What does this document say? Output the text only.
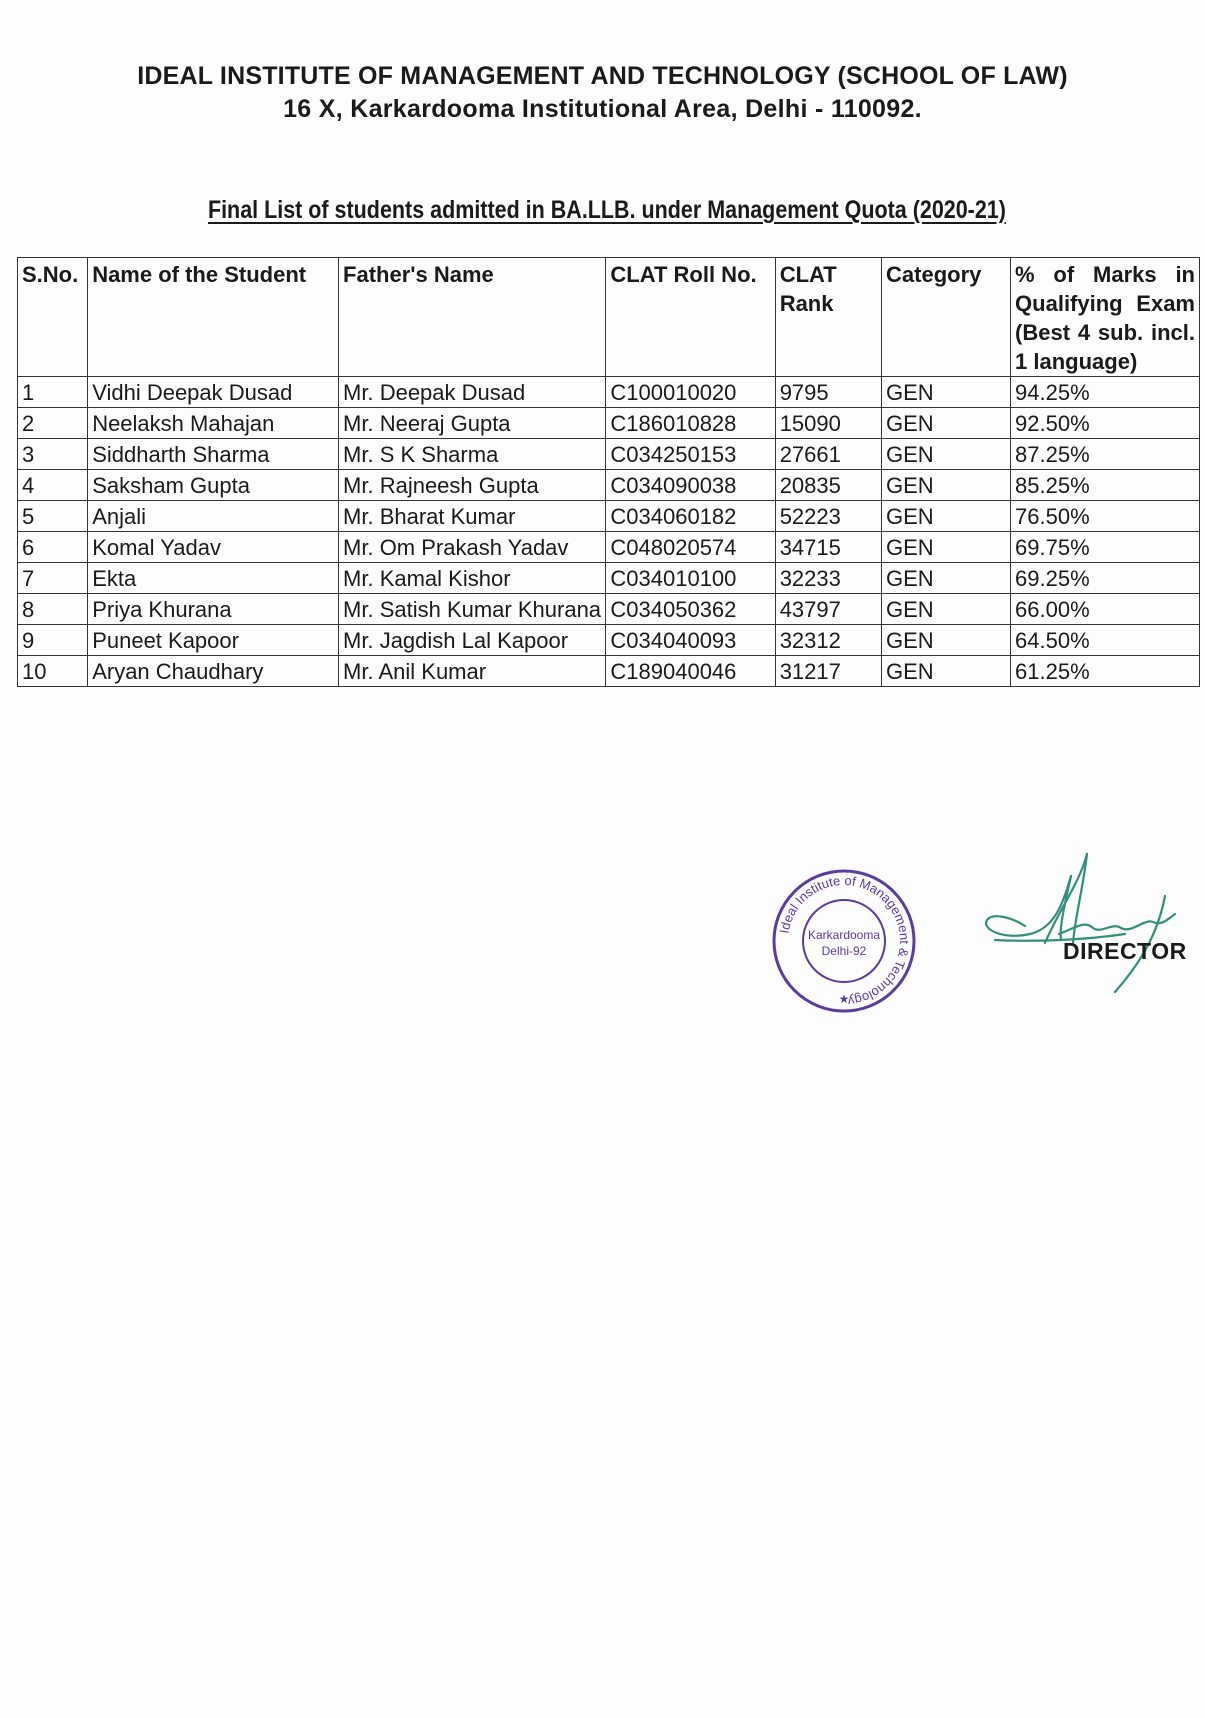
IDEAL INSTITUTE OF MANAGEMENT AND TECHNOLOGY (SCHOOL OF LAW)
16 X, Karkardooma Institutional Area, Delhi - 110092.
Final List of students admitted in BA.LLB. under Management Quota (2020-21)
S.No.	Name of the Student	Father's Name	CLAT Roll No.	CLAT Rank	Category	% of Marks in Qualifying Exam (Best 4 sub. incl. 1 language)
1	Vidhi Deepak Dusad	Mr. Deepak Dusad	C100010020	9795	GEN	94.25%
2	Neelaksh Mahajan	Mr. Neeraj Gupta	C186010828	15090	GEN	92.50%
3	Siddharth Sharma	Mr. S K Sharma	C034250153	27661	GEN	87.25%
4	Saksham Gupta	Mr. Rajneesh Gupta	C034090038	20835	GEN	85.25%
5	Anjali	Mr. Bharat Kumar	C034060182	52223	GEN	76.50%
6	Komal Yadav	Mr. Om Prakash Yadav	C048020574	34715	GEN	69.75%
7	Ekta	Mr. Kamal Kishor	C034010100	32233	GEN	69.25%
8	Priya Khurana	Mr. Satish Kumar Khurana	C034050362	43797	GEN	66.00%
9	Puneet Kapoor	Mr. Jagdish Lal Kapoor	C034040093	32312	GEN	64.50%
10	Aryan Chaudhary	Mr. Anil Kumar	C189040046	31217	GEN	61.25%
Ideal Institute of Management & Technology
Karkardooma
Delhi-92
★
DIRECTOR
